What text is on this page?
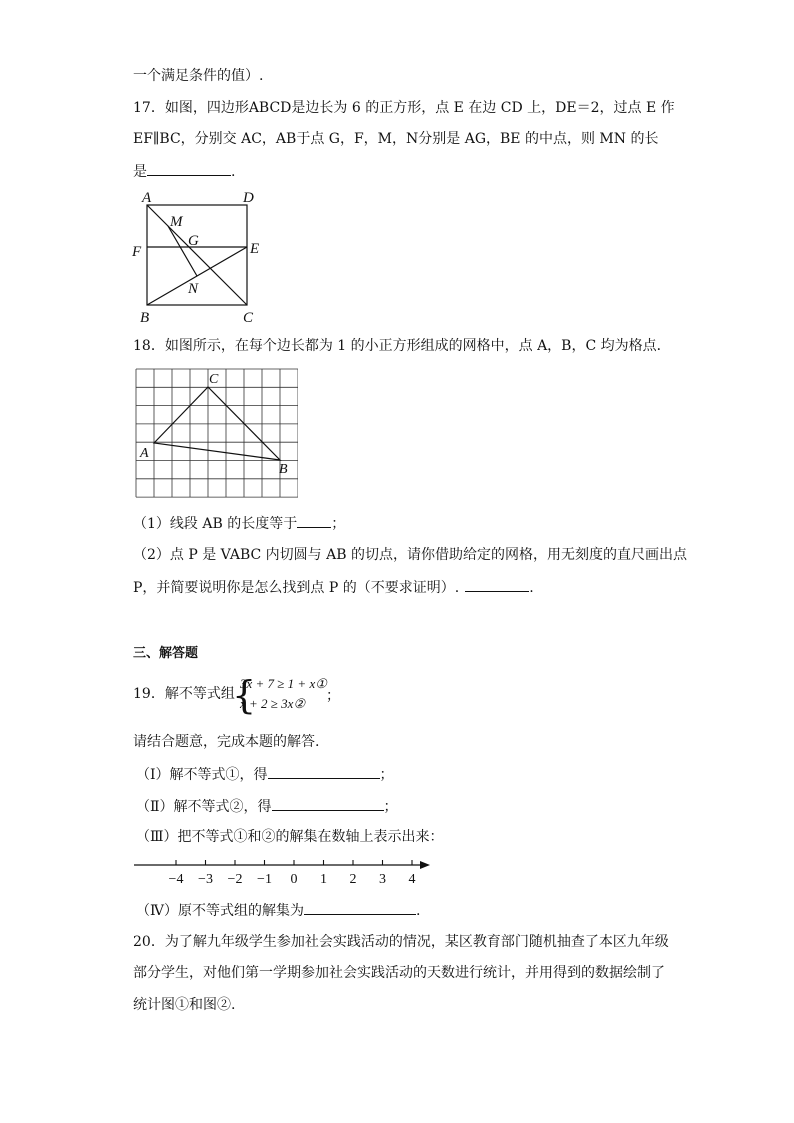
一个满足条件的值）.
17．如图，四边形ABCD是边长为 6 的正方形，点 E 在边 CD 上，DE＝2，过点 E 作
EF∥BC，分别交 AC，AB于点 G，F，M，N分别是 AG，BE 的中点，则 MN 的长
是	.
A	D
M
G
F	E
N
B	C
18．如图所示，在每个边长都为 1 的小正方形组成的网格中，点 A，B，C 均为格点．
A
B
C
（1）线段 AB 的长度等于 ；
（2）点 P 是 VABC 内切圆与 AB 的切点，请你借助给定的网格，用无刻度的直尺画出点
P，并简要说明你是怎么找到点 P 的（不要求证明）.	.
三、解答题
19．解不等式组
{
3x + 7 ≥ 1 + x①
x + 2 ≥ 3x②	；
请结合题意，完成本题的解答.
（Ⅰ）解不等式①，得	；
（Ⅱ）解不等式②，得	；
（Ⅲ）把不等式①和②的解集在数轴上表示出来：
−4 −3 −2 −1 0 1 2 3 4
（Ⅳ）原不等式组的解集为	.
20．为了解九年级学生参加社会实践活动的情况，某区教育部门随机抽查了本区九年级
部分学生，对他们第一学期参加社会实践活动的天数进行统计，并用得到的数据绘制了
统计图①和图②.
